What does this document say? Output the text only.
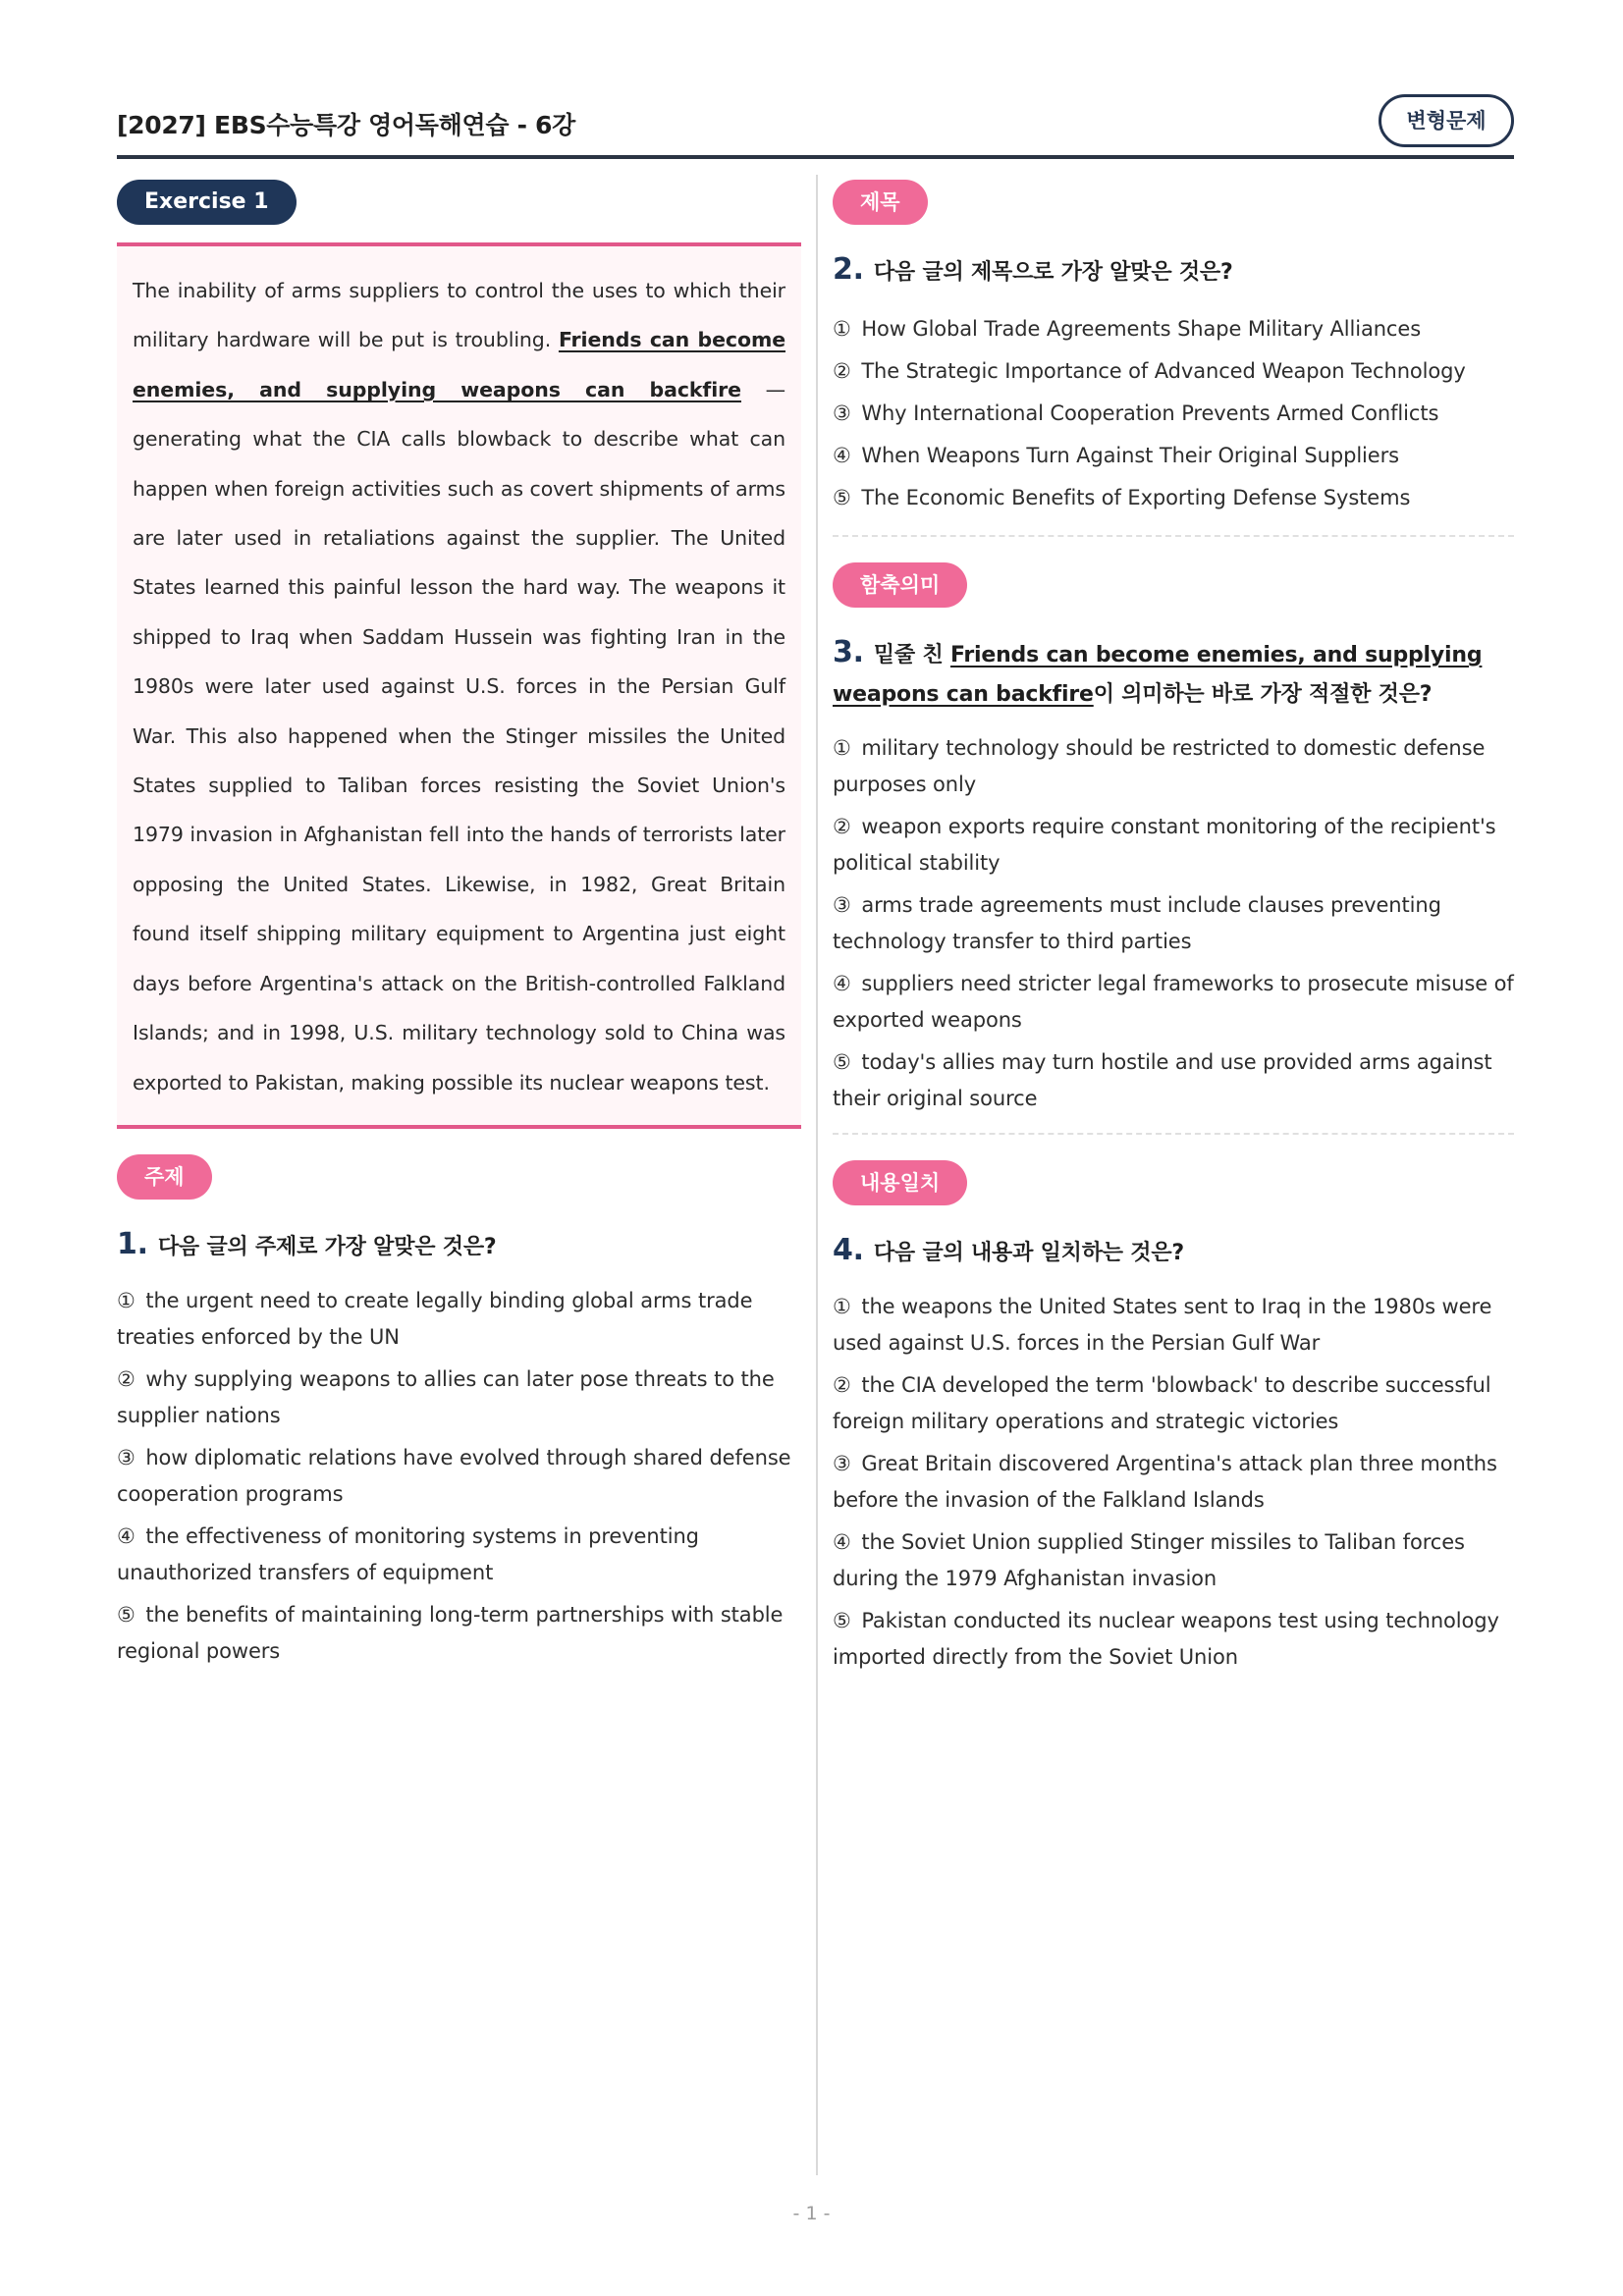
[2027] EBS수능특강 영어독해연습 - 6강	변형문제
Exercise 1

The inability of arms suppliers to control the uses to which their military hardware will be put is troubling. Friends can become enemies, and supplying weapons can backfire — generating what the CIA calls blowback to describe what can happen when foreign activities such as covert shipments of arms are later used in retaliations against the supplier. The United States learned this painful lesson the hard way. The weapons it shipped to Iraq when Saddam Hussein was fighting Iran in the 1980s were later used against U.S. forces in the Persian Gulf War. This also happened when the Stinger missiles the United States supplied to Taliban forces resisting the Soviet Union's 1979 invasion in Afghanistan fell into the hands of terrorists later opposing the United States. Likewise, in 1982, Great Britain found itself shipping military equipment to Argentina just eight days before Argentina's attack on the British-controlled Falkland Islands; and in 1998, U.S. military technology sold to China was exported to Pakistan, making possible its nuclear weapons test.

주제
1. 다음 글의 주제로 가장 알맞은 것은?
① the urgent need to create legally binding global arms trade treaties enforced by the UN
② why supplying weapons to allies can later pose threats to the supplier nations
③ how diplomatic relations have evolved through shared defense cooperation programs
④ the effectiveness of monitoring systems in preventing unauthorized transfers of equipment
⑤ the benefits of maintaining long-term partnerships with stable regional powers
제목
2. 다음 글의 제목으로 가장 알맞은 것은?
① How Global Trade Agreements Shape Military Alliances
② The Strategic Importance of Advanced Weapon Technology
③ Why International Cooperation Prevents Armed Conflicts
④ When Weapons Turn Against Their Original Suppliers
⑤ The Economic Benefits of Exporting Defense Systems
함축의미
3. 밑줄 친 Friends can become enemies, and supplying weapons can backfire이 의미하는 바로 가장 적절한 것은?
① military technology should be restricted to domestic defense purposes only
② weapon exports require constant monitoring of the recipient's political stability
③ arms trade agreements must include clauses preventing technology transfer to third parties
④ suppliers need stricter legal frameworks to prosecute misuse of exported weapons
⑤ today's allies may turn hostile and use provided arms against their original source
내용일치
4. 다음 글의 내용과 일치하는 것은?
① the weapons the United States sent to Iraq in the 1980s were used against U.S. forces in the Persian Gulf War
② the CIA developed the term 'blowback' to describe successful foreign military operations and strategic victories
③ Great Britain discovered Argentina's attack plan three months before the invasion of the Falkland Islands
④ the Soviet Union supplied Stinger missiles to Taliban forces during the 1979 Afghanistan invasion
⑤ Pakistan conducted its nuclear weapons test using technology imported directly from the Soviet Union
- 1 -
